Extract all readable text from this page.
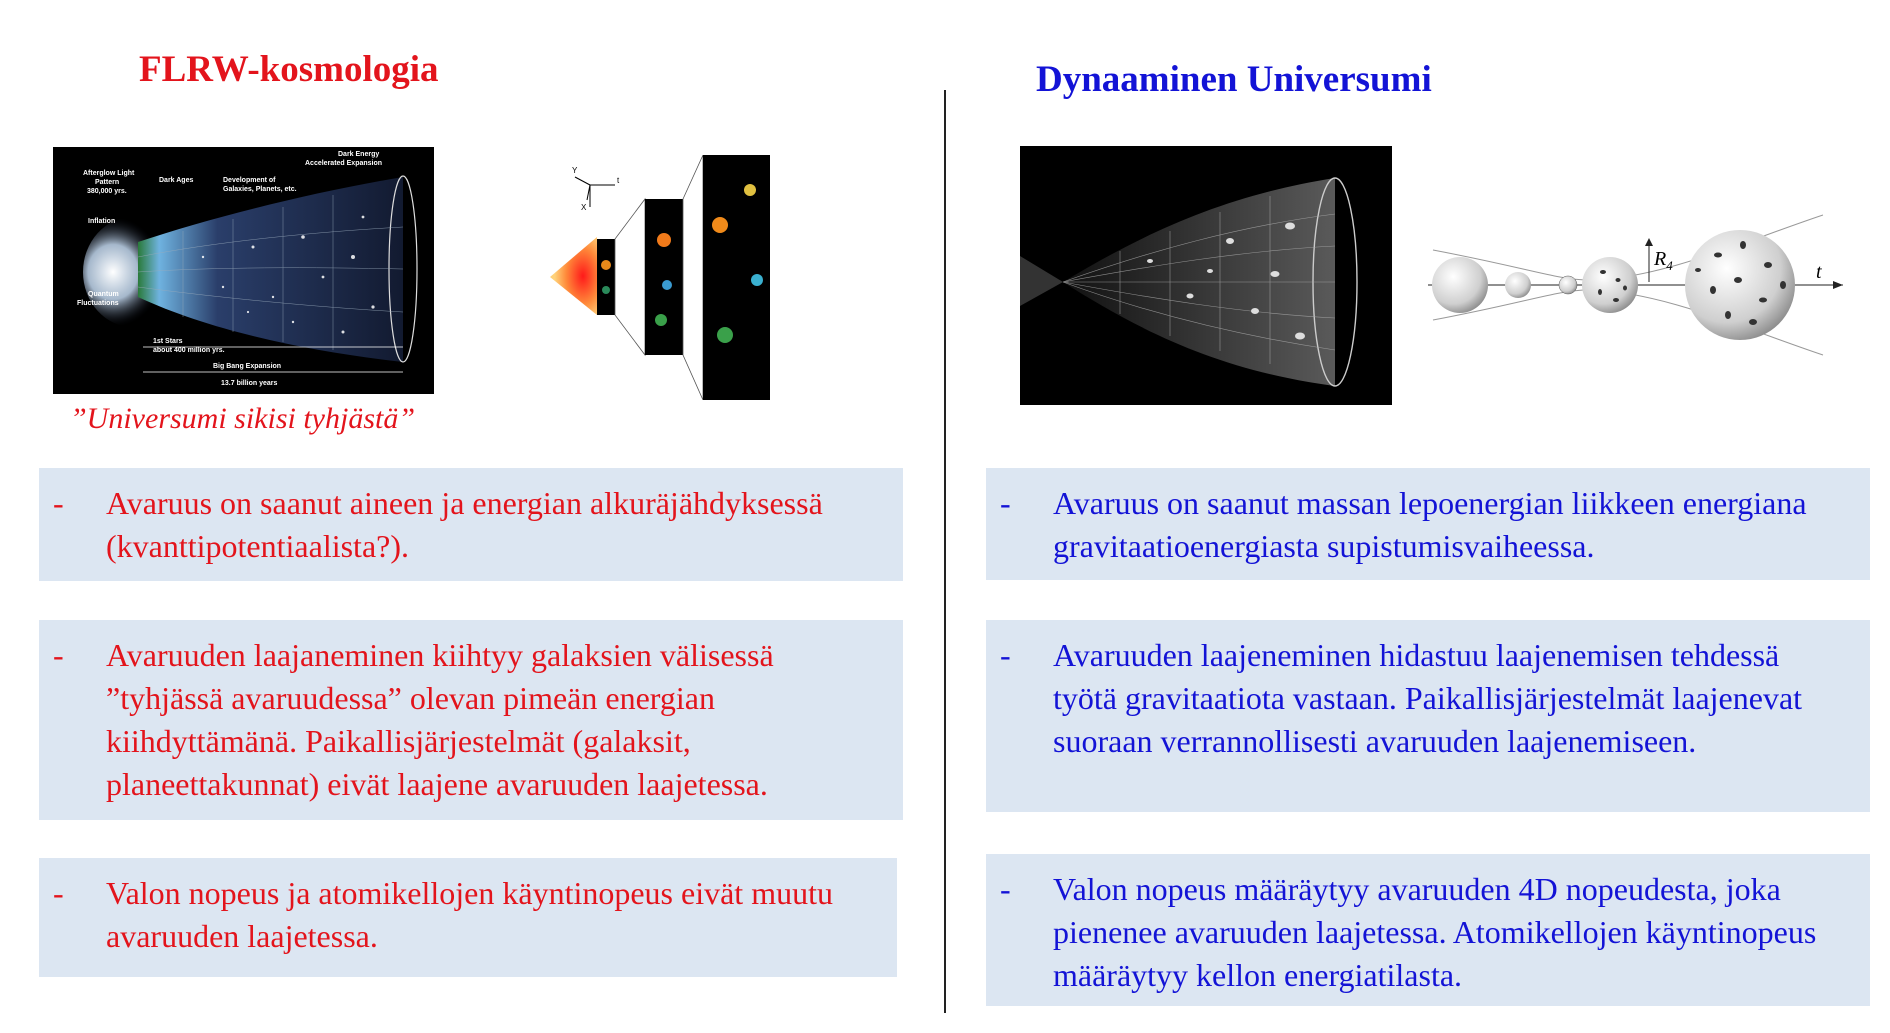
FLRW-kosmologia	Dynaaminen Universumi
Afterglow Light
Pattern
380,000 yrs.
Dark Ages	Development of
Galaxies, Planets, etc.
Dark Energy
Accelerated Expansion
Inflation
Quantum
Fluctuations
1st Stars
about 400 million yrs.
Big Bang Expansion
13.7 billion years
Y
t
X
”Universumi sikisi tyhjästä”
$R_4$	t
-	Avaruus on saanut aineen ja energian alkuräjähdyksessä
(kvanttipotentiaalista?).
-	Avaruuden laajaneminen kiihtyy galaksien välisessä
”tyhjässä avaruudessa” olevan pimeän energian
kiihdyttämänä. Paikallisjärjestelmät (galaksit,
planeettakunnat) eivät laajene avaruuden laajetessa.
-	Valon nopeus ja atomikellojen käyntinopeus eivät muutu
avaruuden laajetessa.
-	Avaruus on saanut massan lepoenergian liikkeen energiana
gravitaatioenergiasta supistumisvaiheessa.
-	Avaruuden laajeneminen hidastuu laajenemisen tehdessä
työtä gravitaatiota vastaan. Paikallisjärjestelmät laajenevat
suoraan verrannollisesti avaruuden laajenemiseen.
-	Valon nopeus määräytyy avaruuden 4D nopeudesta, joka
pienenee avaruuden laajetessa. Atomikellojen käyntinopeus
määräytyy kellon energiatilasta.
